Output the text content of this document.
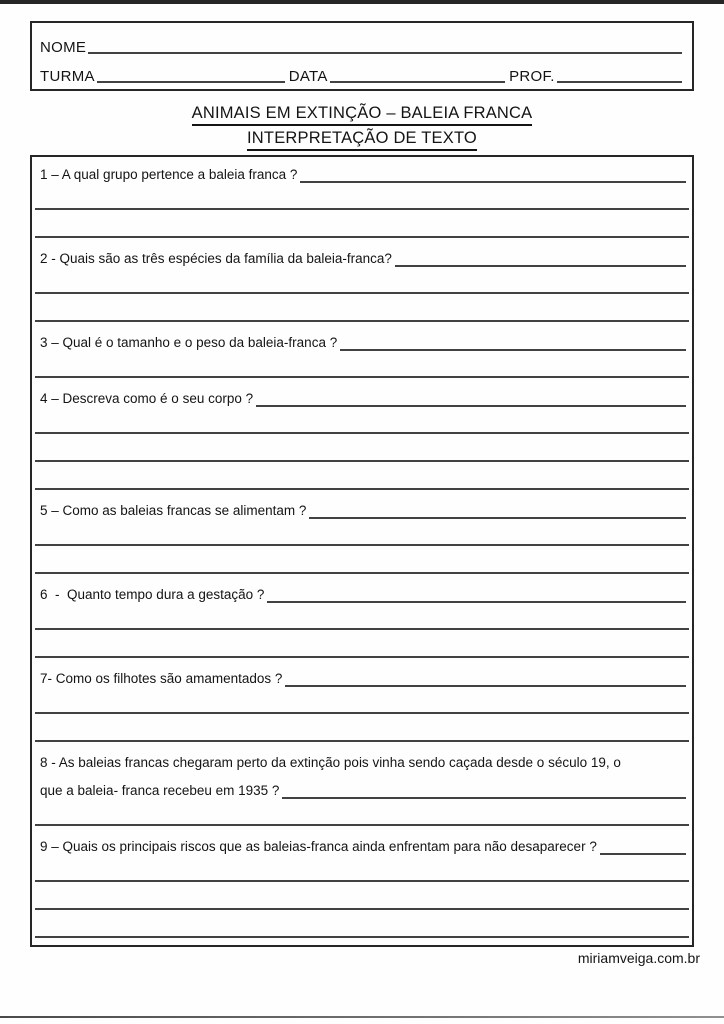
NOME
TURMA	DATA	PROF.
ANIMAIS EM EXTINÇÃO – BALEIA FRANCA
INTERPRETAÇÃO DE TEXTO
1 – A qual grupo pertence a baleia franca ?
2 - Quais são as três espécies da família da baleia-franca?
3 – Qual é o tamanho e o peso da baleia-franca ?
4 – Descreva como é o seu corpo ?
5 – Como as baleias francas se alimentam ?
6  -  Quanto tempo dura a gestação ?
7- Como os filhotes são amamentados ?
8 - As baleias francas chegaram perto da extinção pois vinha sendo caçada desde o século 19, o
que a baleia- franca recebeu em 1935 ?
9 – Quais os principais riscos que as baleias-franca ainda enfrentam para não desaparecer ?
miriamveiga.com.br
